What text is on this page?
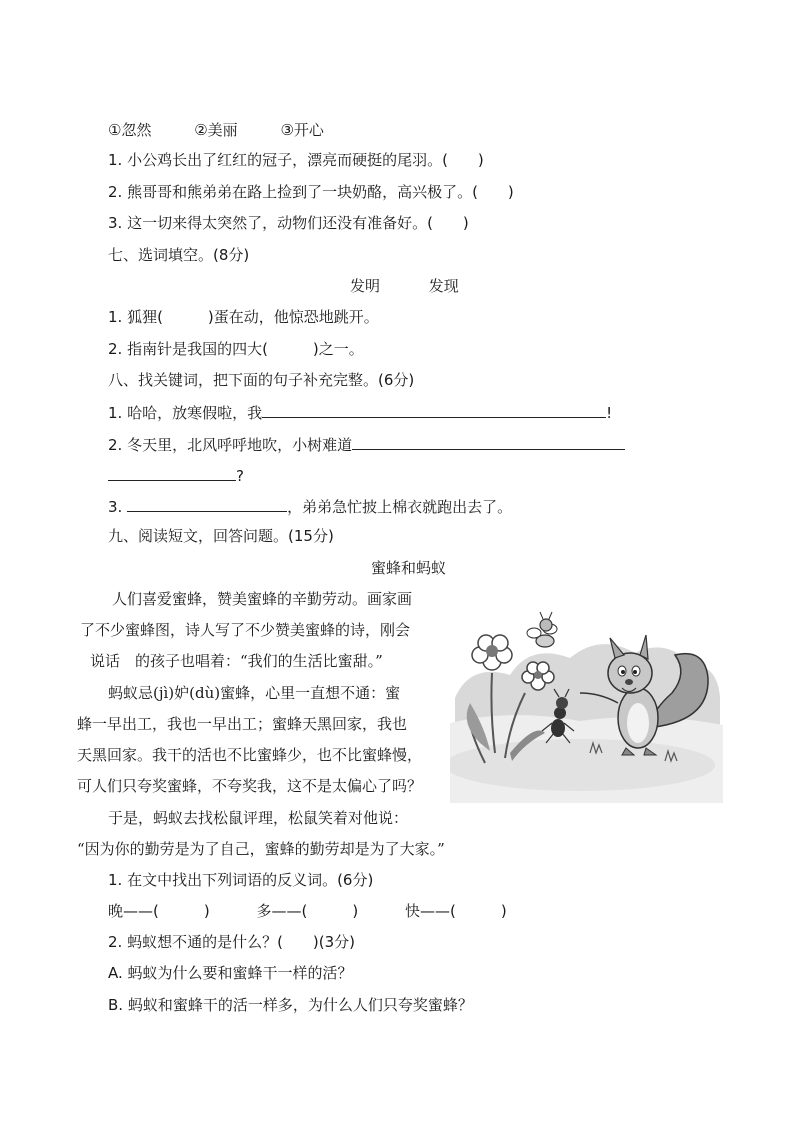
①忽然	②美丽	③开心
1. 小公鸡长出了红红的冠子，漂亮而硬挺的尾羽。(　　)
2. 熊哥哥和熊弟弟在路上捡到了一块奶酪，高兴极了。(　　)
3. 这一切来得太突然了，动物们还没有准备好。(　　)
七、选词填空。(8分)
发明	发现
1. 狐狸(　　　)蛋在动，他惊恐地跳开。
2. 指南针是我国的四大(　　　)之一。
八、找关键词，把下面的句子补充完整。(6分)
1. 哈哈，放寒假啦，我	!
2. 冬天里，北风呼呼地吹，小树难道
?
3.	，弟弟急忙披上棉衣就跑出去了。
九、阅读短文，回答问题。(15分)
蜜蜂和蚂蚁
人们喜爱蜜蜂，赞美蜜蜂的辛勤劳动。画家画
了不少蜜蜂图，诗人写了不少赞美蜜蜂的诗，刚会
说话　的孩子也唱着：“我们的生活比蜜甜。”
蚂蚁忌(jì)妒(dù)蜜蜂，心里一直想不通：蜜
蜂一早出工，我也一早出工；蜜蜂天黑回家，我也
天黑回家。我干的活也不比蜜蜂少，也不比蜜蜂慢，
可人们只夸奖蜜蜂，不夸奖我，这不是太偏心了吗？
于是，蚂蚁去找松鼠评理，松鼠笑着对他说：
“因为你的勤劳是为了自己，蜜蜂的勤劳却是为了大家。”
1. 在文中找出下列词语的反义词。(6分)
晚——(　　　)	多——(　　　)	快——(　　　)
2. 蚂蚁想不通的是什么？(　　)(3分)
A. 蚂蚁为什么要和蜜蜂干一样的活？
B. 蚂蚁和蜜蜂干的活一样多，为什么人们只夸奖蜜蜂？
